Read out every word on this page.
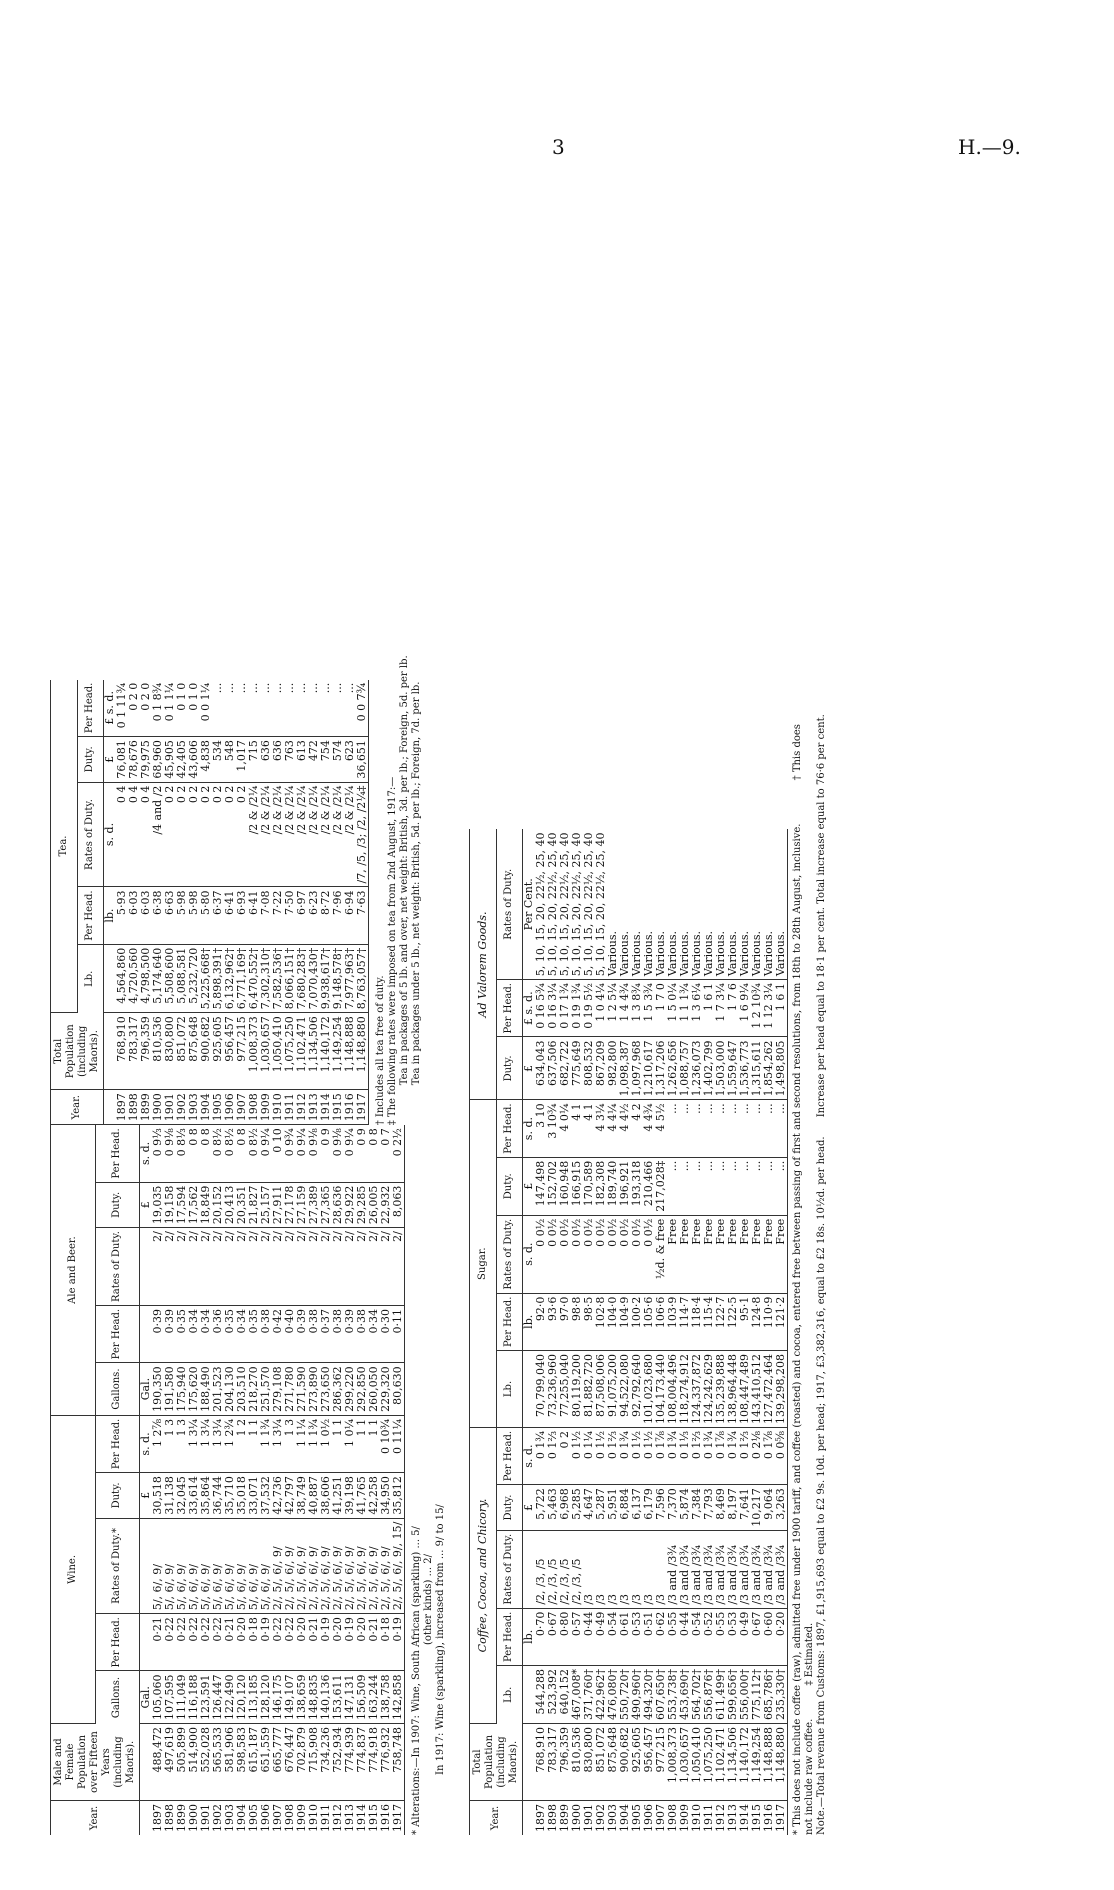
3	H.—9.
Year.	Male and Female Population over Fifteen Years (including Maoris).	Wine.					Ale and Beer.				
		Gallons.	Per Head.	Rates of Duty.*	Duty.	Per Head.	Gallons.	Per Head.	Rates of Duty.	Duty.	Per Head.
		Gal.			£	s. d.	Gal.			£	s. d.
1897	488,472	105,060	0·21	5/, 6/, 9/	30,518	1 2⅞	190,350	0·39	2/	19,035	0 9⅓
1898	497,619	107,595	0·22	5/, 6/, 9/	31,138	1 3	191,580	0·39	2/	19,158	0 9⅛
1899	505,899	111,049	0·22	5/, 6/, 9/	32,045	1 3	175,940	0·35	2/	17,594	0 8⅓
1900	514,900	116,188	0·22	5/, 6/, 9/	33,614	1 3¼	175,620	0·34	2/	17,562	0 8
1901	552,028	123,591	0·22	5/, 6/, 9/	35,864	1 3¼	188,490	0·34	2/	18,849	0 8
1902	565,533	126,447	0·22	5/, 6/, 9/	36,744	1 3¼	201,523	0·36	2/	20,152	0 8½
1903	581,906	122,490	0·21	5/, 6/, 9/	35,710	1 2¾	204,130	0·35	2/	20,413	0 8½
1904	598,583	120,120	0·20	5/, 6/, 9/	35,018	1 2	203,510	0·34	2/	20,351	0 8
1905	615,187	113,185	0·18	5/, 6/, 9/	33,071	1 1	218,270	0·35	2/	21,827	0 8½
1906	651,559	128,120	0·19	5/, 6/, 9/	37,532	1 1¾	251,570	0·38	2/	25,157	0 9¼
1907	665,777	146,175	0·22	2/, 5/, 6/, 9/	42,736	1 3¼	279,108	0·42	2/	27,911	0 10
1908	676,447	149,107	0·22	2/, 5/, 6/, 9/	42,797	1 3	271,780	0·40	2/	27,178	0 9¾
1909	702,879	138,659	0·20	2/, 5/, 6/, 9/	38,749	1 1¼	271,590	0·39	2/	27,159	0 9¼
1910	715,908	148,835	0·21	2/, 5/, 6/, 9/	40,887	1 1¾	273,890	0·38	2/	27,389	0 9⅛
1911	734,236	140,136	0·19	2/, 5/, 6/, 9/	38,606	1 0½	273,650	0·37	2/	27,365	0 9
1912	752,934	153,611	0·20	2/, 5/, 6/, 9/	41,251	1 1	286,362	0·38	2/	28,636	0 9⅛
1913	774,939	147,131	0·19	2/, 5/, 6/, 9/	39,198	1 0¼	299,220	0·39	2/	29,922	0 9¼
1914	774,837	156,509	0·20	2/, 5/, 6/, 9/	41,765	1 1	292,850	0·38	2/	29,285	0 9
1915	774,918	163,244	0·21	2/, 5/, 6/, 9/	42,258	1 1	260,050	0·34	2/	26,005	0 8
1916	776,932	138,758	0·18	2/, 5/, 6/, 9/	34,950	0 10¾	229,320	0·30	2/	22,932	0 7
1917	758,748	142,858	0·19	2/, 5/, 6/, 9/, 15/	35,812	0 11¼	80,630	0·11	2/	8,063	0 2½

* Alterations:—In 1907: Wine, South African (sparkling) ... 5/

(other kinds) ... 2/

In 1917: Wine (sparkling), increased from ... 9/ to 15/

Year.	Total Population (including Maoris).	Tea.				
		Lb.	Per Head.	Rates of Duty.	Duty.	Per Head.
			lb.	s. d.	£	£ s. d.
1897	768,910	4,564,860	5·93	0 4	76,081	0 1 11¾
1898	783,317	4,720,560	6·03	0 4	78,676	0 2 0
1899	796,359	4,798,500	6·03	0 4	79,975	0 2 0
1900	810,536	5,174,640	6·38	/4 and /2	68,960	0 1 8¾
1901	830,800	5,508,600	6·63	0 2	45,905	0 1 1¼
1902	851,072	5,088,581	5·98	0 2	42,405	0 1 0
1903	875,648	5,232,720	5·98	0 2	43,606	0 1 0
1904	900,682	5,225,668†	5·80	0 2	4,838	0 0 1¼
1905	925,605	5,898,391†	6·37	0 2	534	...
1906	956,457	6,132,962†	6·41	0 2	548	...
1907	977,215	6,771,169†	6·93	0 2	1,017	...
1908	1,008,373	6,470,552†	6·41	/2 & /2¼	715	...
1909	1,030,657	7,302,310†	7·08	/2 & /2¼	636	...
1910	1,050,410	7,582,536†	7·22	/2 & /2¼	636	...
1911	1,075,250	8,066,151†	7·50	/2 & /2¼	763	...
1912	1,102,471	7,680,283†	6·97	/2 & /2¼	613	...
1913	1,134,506	7,070,430†	6·23	/2 & /2¼	472	...
1914	1,140,172	9,938,617†	8·72	/2 & /2¼	754	...
1915	1,149,254	9,148,578†	7·96	/2 & /2¼	574	...
1916	1,148,888	7,977,963†	6·94	/2 & /2¼	623	...
1917	1,148,880	8,763,057†	7·63	/7, /5, /3; /2, /2¼‡	36,651	0 0 7¾

† Includes all tea free of duty. ‡ The following rates were imposed on tea from 2nd August, 1917:— Tea in packages of 5 lb. and over, net weight: British, 3d. per lb.; Foreign, 5d. per lb. Tea in packages under 5 lb., net weight: British, 5d. per lb.; Foreign, 7d. per lb.

Year.	Total Population (including Maoris).	Coffee, Cocoa, and Chicory.					Sugar.					Ad Valorem Goods.		
		Lb.	Per Head.	Rates of Duty.	Duty.	Per Head.	Lb.	Per Head.	Rates of Duty.	Duty.	Per Head.	Duty.	Per Head.	Rates of Duty.
			lb.		£	s. d.		lb.	s. d.	£	s. d.	£	£ s. d.	Per Cent.
1897	768,910	544,288	0·70	/2, /3, /5	5,722	0 1¾	70,799,040	92·0	0 0½	147,498	3 10	634,043	0 16 5¾	5, 10, 15, 20, 22½, 25, 40
1898	783,317	523,392	0·67	/2, /3, /5	5,463	0 1⅔	73,236,960	93·6	0 0½	152,702	3 10¾	637,506	0 16 3¼	5, 10, 15, 20, 22½, 25, 40
1899	796,359	640,152	0·80	/2, /3, /5	6,968	0 2	77,255,040	97·0	0 0½	160,948	4 0¼	682,722	0 17 1¾	5, 10, 15, 20, 22½, 25, 40
1900	810,536	467,008*	0·57	/2, /3, /5	5,285	0 1½	80,119,200	98·8	0 0½	166,915	4 1	775,649	0 19 1¾	5, 10, 15, 20, 22½, 25, 40
1901	830,800	371,760†	0·44	/3	4,647	0 1¼	81,882,720	98·5	0 0½	170,589	4 1	808,532	0 19 5½	5, 10, 15, 20, 22½, 25, 40
1902	851,072	422,962†	0·49	/3	5,287	0 1½	87,508,006	102·8	0 0½	182,308	4 3¼	867,209	1 0 4¼	5, 10, 15, 20, 22½, 25, 40
1903	875,648	476,080†	0·54	/3	5,951	0 1⅔	91,075,200	104·0	0 0½	189,740	4 4¼	982,800	1 2 5¼	Various.
1904	900,682	550,720†	0·61	/3	6,884	0 1¾	94,522,080	104·9	0 0½	196,921	4 4½	1,098,387	1 4 4¾	Various.
1905	925,605	490,960†	0·53	/3	6,137	0 1½	92,792,640	100·2	0 0½	193,318	4 2	1,097,968	1 3 8¾	Various.
1906	956,457	494,320†	0·51	/3	6,179	0 1½	101,023,680	105·6	0 0½	210,466	4 4¾	1,210,617	1 5 3¾	Various.
1907	977,215	607,650†	0·62	/3	7,596	0 1⅞	104,173,440	106·6	½d. & free	217,028‡	4 5½	1,317,206	1 7 0	Various.
1908	1,008,373	553,738†	0·55	/3 and /3¾	7,370	0 1¾	108,004,496	103·9	Free	...	...	1,262,656	1 5 0¼	Various.
1909	1,030,657	453,690†	0·44	/3 and /3¾	5,874	0 1⅓	118,274,912	114·7	Free	...	...	1,088,757	1 1 1¾	Various.
1910	1,050,410	564,702†	0·54	/3 and /3¾	7,384	0 1⅔	124,337,872	118·4	Free	...	...	1,236,073	1 3 6¼	Various.
1911	1,075,250	556,876†	0·52	/3 and /3¾	7,793	0 1¾	124,242,629	115·4	Free	...	...	1,402,799	1 6 1	Various.
1912	1,102,471	611,499†	0·55	/3 and /3¾	8,469	0 1⅞	135,239,888	122·7	Free	...	...	1,503,000	1 7 3¼	Various.
1913	1,134,506	599,656†	0·53	/3 and /3¾	8,197	0 1¾	138,964,448	122·5	Free	...	...	1,559,647	1 7 6	Various.
1914	1,140,172	556,000†	0·49	/3 and /3¾	7,641	0 1⅔	108,447,489	95·1	Free	...	...	1,536,773	1 6 9¼	Various.
1915	1,149,254	775,112†	0·67	/3 and /3¾	10,217	0 2⅛	143,410,512	124·8	Free	...	...	1,315,611	1 2 10¾	Various.
1916	1,148,888	685,786†	0·60	/3 and /3¾	9,064	0 1⅞	127,472,464	110·9	Free	...	...	1,854,262	1 12 3¼	Various.
1917	1,148,880	235,330†	0·20	/3 and /3¾	3,263	0 0⅝	139,298,208	121·2	Free	...	...	1,498,805	1 6 1	Various. * This does not include coffee (raw), admitted free under 1900 tariff, and coffee (roasted) and cocoa, entered free between passing of first and second resolutions, from 18th to 28th August, inclusive. † This does

not include raw coffee. ‡ Estimated. Note.—Total revenue from Customs: 1897, £1,915,693 equal to £2 9s. 10d. per head; 1917, £3,382,316, equal to £2 18s. 10½d. per head. Increase per head equal to 18·1 per cent. Total increase equal to 76·6 per cent.
